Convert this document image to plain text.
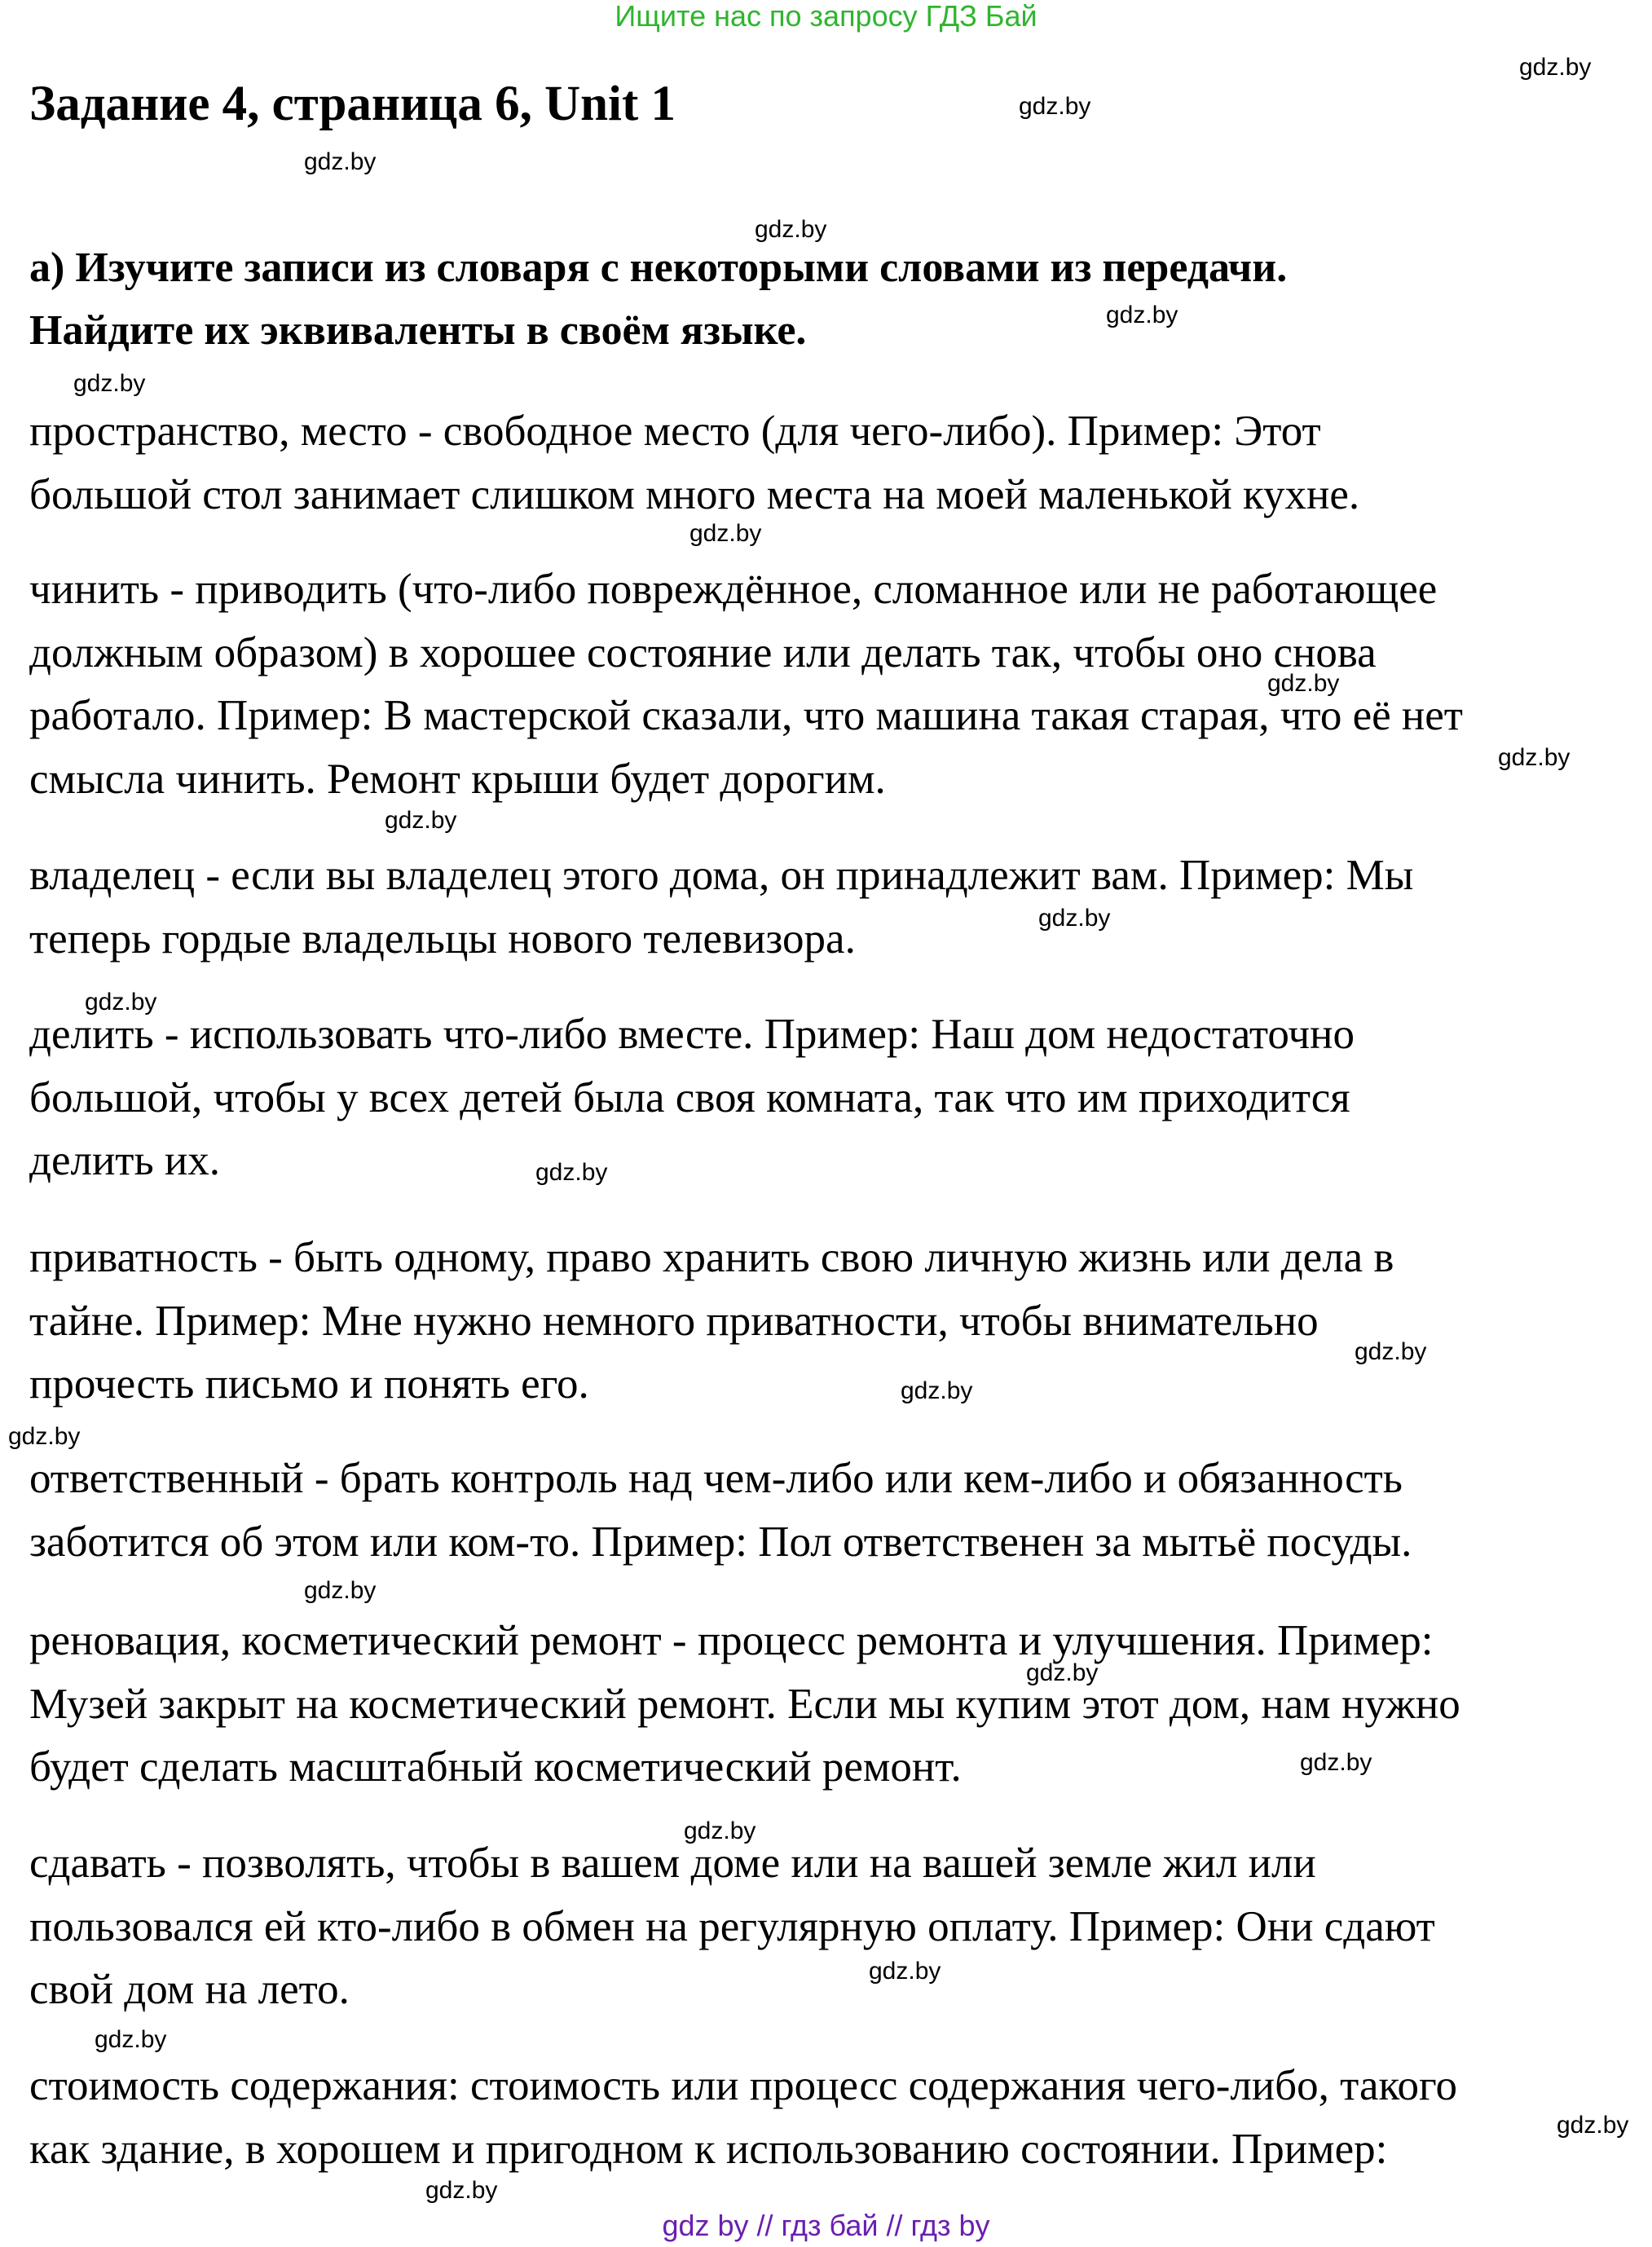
Ищите нас по запросу ГДЗ Бай
Задание 4, страница 6, Unit 1

a) Изучите записи из словаря с некоторыми словами из передачи.
Найдите их эквиваленты в своём языке.

пространство, место - свободное место (для чего-либо). Пример: Этот
большой стол занимает слишком много места на моей маленькой кухне.

чинить - приводить (что-либо повреждённое, сломанное или не работающее
должным образом) в хорошее состояние или делать так, чтобы оно снова
работало. Пример: В мастерской сказали, что машина такая старая, что её нет
смысла чинить. Ремонт крыши будет дорогим.

владелец - если вы владелец этого дома, он принадлежит вам. Пример: Мы
теперь гордые владельцы нового телевизора.

делить - использовать что-либо вместе. Пример: Наш дом недостаточно
большой, чтобы у всех детей была своя комната, так что им приходится
делить их.

приватность - быть одному, право хранить свою личную жизнь или дела в
тайне. Пример: Мне нужно немного приватности, чтобы внимательно
прочесть письмо и понять его.

ответственный - брать контроль над чем-либо или кем-либо и обязанность
заботится об этом или ком-то. Пример: Пол ответственен за мытьё посуды.

реновация, косметический ремонт - процесс ремонта и улучшения. Пример:
Музей закрыт на косметический ремонт. Если мы купим этот дом, нам нужно
будет сделать масштабный косметический ремонт.

сдавать - позволять, чтобы в вашем доме или на вашей земле жил или
пользовался ей кто-либо в обмен на регулярную оплату. Пример: Они сдают
свой дом на лето.

стоимость содержания: стоимость или процесс содержания чего-либо, такого
как здание, в хорошем и пригодном к использованию состоянии. Пример:

gdz.by
gdz.by
gdz.by
gdz.by
gdz.by
gdz.by
gdz.by
gdz.by
gdz.by
gdz.by
gdz.by
gdz.by
gdz.by
gdz.by
gdz.by
gdz.by
gdz.by
gdz.by
gdz.by
gdz.by
gdz.by
gdz.by
gdz.by
gdz.by
gdz by // гдз бай // гдз by
